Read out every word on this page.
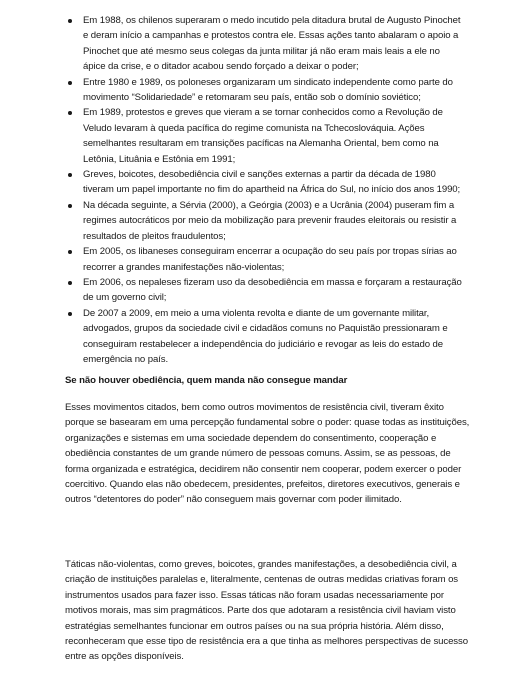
Em 1988, os chilenos superaram o medo incutido pela ditadura brutal de Augusto Pinochet e deram início a campanhas e protestos contra ele. Essas ações tanto abalaram o apoio a Pinochet que até mesmo seus colegas da junta militar já não eram mais leais a ele no ápice da crise, e o ditador acabou sendo forçado a deixar o poder;
Entre 1980 e 1989, os poloneses organizaram um sindicato independente como parte do movimento “Solidariedade” e retomaram seu país, então sob o domínio soviético;
Em 1989, protestos e greves que vieram a se tornar conhecidos como a Revolução de Veludo levaram à queda pacífica do regime comunista na Tchecoslováquia. Ações semelhantes resultaram em transições pacíficas na Alemanha Oriental, bem como na Letônia, Lituânia e Estônia em 1991;
Greves, boicotes, desobediência civil e sanções externas a partir da década de 1980 tiveram um papel importante no fim do apartheid na África do Sul, no início dos anos 1990;
Na década seguinte, a Sérvia (2000), a Geórgia (2003) e a Ucrânia (2004) puseram fim a regimes autocráticos por meio da mobilização para prevenir fraudes eleitorais ou resistir a resultados de pleitos fraudulentos;
Em 2005, os libaneses conseguiram encerrar a ocupação do seu país por tropas sírias ao recorrer a grandes manifestações não-violentas;
Em 2006, os nepaleses fizeram uso da desobediência em massa e forçaram a restauração de um governo civil;
De 2007 a 2009, em meio a uma violenta revolta e diante de um governante militar, advogados, grupos da sociedade civil e cidadãos comuns no Paquistão pressionaram e conseguiram restabelecer a independência do judiciário e revogar as leis do estado de emergência no país.
Se não houver obediência, quem manda não consegue mandar

Esses movimentos citados, bem como outros movimentos de resistência civil, tiveram êxito porque se basearam em uma percepção fundamental sobre o poder: quase todas as instituições, organizações e sistemas em uma sociedade dependem do consentimento, cooperação e obediência constantes de um grande número de pessoas comuns. Assim, se as pessoas, de forma organizada e estratégica, decidirem não consentir nem cooperar, podem exercer o poder coercitivo. Quando elas não obedecem, presidentes, prefeitos, diretores executivos, generais e outros “detentores do poder” não conseguem mais governar com poder ilimitado.

Táticas não-violentas, como greves, boicotes, grandes manifestações, a desobediência civil, a criação de instituições paralelas e, literalmente, centenas de outras medidas criativas foram os instrumentos usados para fazer isso. Essas táticas não foram usadas necessariamente por motivos morais, mas sim pragmáticos. Parte dos que adotaram a resistência civil haviam visto estratégias semelhantes funcionar em outros países ou na sua própria história. Além disso, reconheceram que esse tipo de resistência era a que tinha as melhores perspectivas de sucesso entre as opções disponíveis.
